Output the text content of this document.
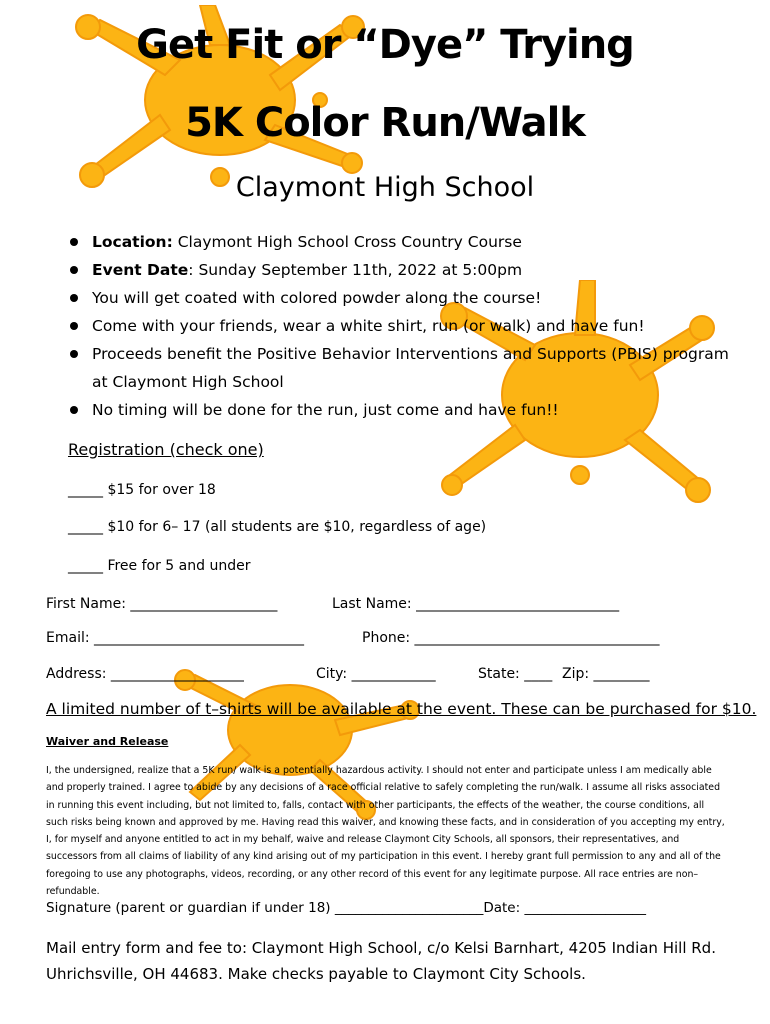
Get Fit or “Dye” Trying
5K Color Run/Walk
Claymont High School
Location: Claymont High School Cross Country Course
Event Date: Sunday September 11th, 2022 at 5:00pm
You will get coated with colored powder along the course!
Come with your friends, wear a white shirt, run (or walk) and have fun!
Proceeds benefit the Positive Behavior Interventions and Supports (PBIS) program at Claymont High School
No timing will be done for the run, just come and have fun!!
Registration (check one)
_____ $15 for over 18
_____ $10 for 6– 17 (all students are $10, regardless of age)
_____ Free for 5 and under
First Name: _____________________	Last Name: _____________________________
Email: ______________________________	Phone: ___________________________________
Address: ___________________	City: ____________	State: ____ Zip: ________
A limited number of t–shirts will be available at the event. These can be purchased for $10.
Waiver and Release

I, the undersigned, realize that a 5K run/ walk is a potentially hazardous activity. I should not enter and participate unless I am medically able and properly trained. I agree to abide by any decisions of a race official relative to safely completing the run/walk. I assume all risks associated in running this event including, but not limited to, falls, contact with other participants, the effects of the weather, the course conditions, all such risks being known and approved by me. Having read this waiver, and knowing these facts, and in consideration of you accepting my entry, I, for myself and anyone entitled to act in my behalf, waive and release Claymont City Schools, all sponsors, their representatives, and successors from all claims of liability of any kind arising out of my participation in this event. I hereby grant full permission to any and all of the foregoing to use any photographs, videos, recording, or any other record of this event for any legitimate purpose. All race entries are non– refundable.

Signature (parent or guardian if under 18) ______________________Date: __________________

Mail entry form and fee to: Claymont High School, c/o Kelsi Barnhart, 4205 Indian Hill Rd. Uhrichsville, OH 44683. Make checks payable to Claymont City Schools.
